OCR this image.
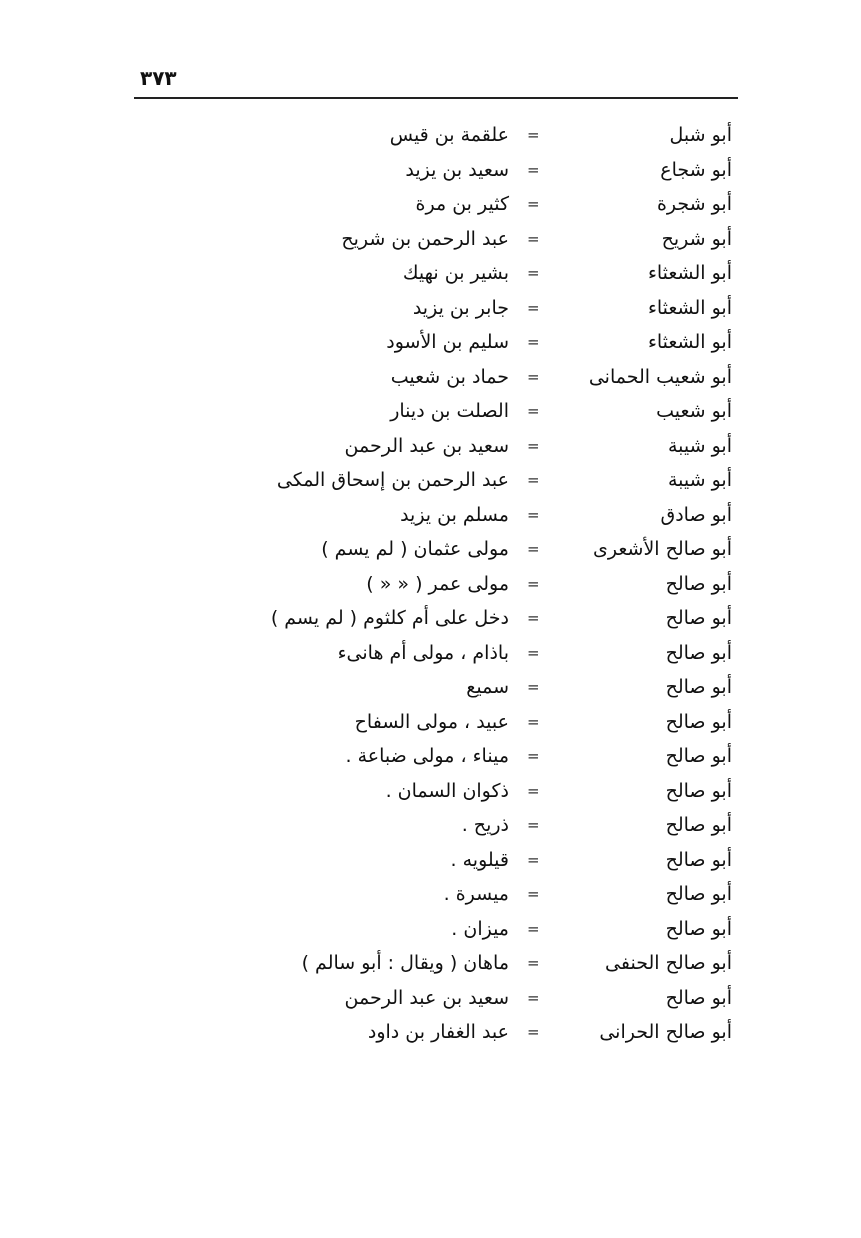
٣٧٣
أبو شبل
=
علقمة بن قيس
أبو شجاع
=
سعيد بن يزيد
أبو شجرة
=
كثير بن مرة
أبو شريح
=
عبد الرحمن بن شريح
أبو الشعثاء
=
بشير بن نهيك
أبو الشعثاء
=
جابر بن يزيد
أبو الشعثاء
=
سليم بن الأسود
أبو شعيب الحمانى
=
حماد بن شعيب
أبو شعيب
=
الصلت بن دينار
أبو شيبة
=
سعيد بن عبد الرحمن
أبو شيبة
=
عبد الرحمن بن إسحاق المكى
أبو صادق
=
مسلم بن يزيد
أبو صالح الأشعرى
=
مولى عثمان ( لم يسم )
أبو صالح
=
مولى عمر ( « « )
أبو صالح
=
دخل على أم كلثوم ( لم يسم )
أبو صالح
=
باذام ، مولى أم هانىء
أبو صالح
=
سميع
أبو صالح
=
عبيد ، مولى السفاح
أبو صالح
=
ميناء ، مولى ضباعة .
أبو صالح
=
ذكوان السمان .
أبو صالح
=
ذريح .
أبو صالح
=
قيلويه .
أبو صالح
=
ميسرة .
أبو صالح
=
ميزان .
أبو صالح الحنفى
=
ماهان ( ويقال : أبو سالم )
أبو صالح
=
سعيد بن عبد الرحمن
أبو صالح الحرانى
=
عبد الغفار بن داود
